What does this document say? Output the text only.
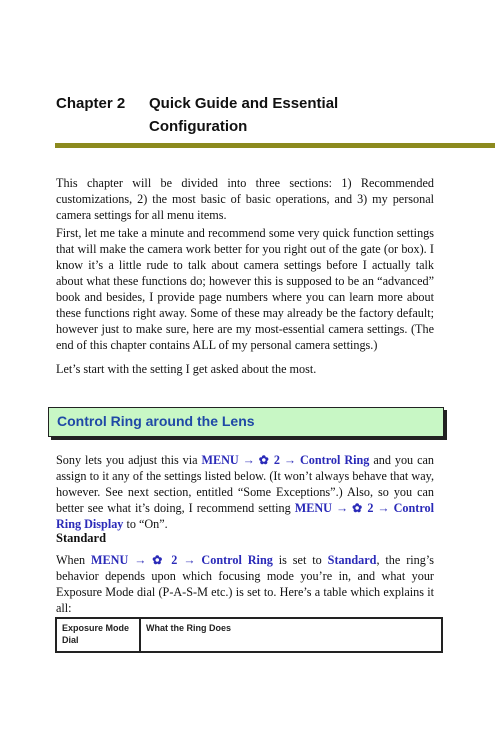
Chapter 2 Quick Guide and Essential Configuration

This chapter will be divided into three sections: 1) Recommended customizations, 2) the most basic of basic operations, and 3) my personal camera settings for all menu items.

First, let me take a minute and recommend some very quick function settings that will make the camera work better for you right out of the gate (or box). I know it’s a little rude to talk about camera settings before I actually talk about what these functions do; however this is supposed to be an “advanced” book and besides, I provide page numbers where you can learn more about these functions right away. Some of these may already be the factory default; however just to make sure, here are my most-essential camera settings. (The end of this chapter contains ALL of my personal camera settings.)

Let’s start with the setting I get asked about the most.

Control Ring around the Lens

Sony lets you adjust this via MENU → ✿ 2 → Control Ring and you can assign to it any of the settings listed below. (It won’t always behave that way, however. See next section, entitled “Some Exceptions”.) Also, so you can better see what it’s doing, I recommend setting MENU → ✿ 2 → Control Ring Display to “On”.

Standard

When MENU → ✿ 2 → Control Ring is set to Standard, the ring’s behavior depends upon which focusing mode you’re in, and what your Exposure Mode dial (P-A-S-M etc.) is set to. Here’s a table which explains it all:

Exposure Mode Dial	What the Ring Does
